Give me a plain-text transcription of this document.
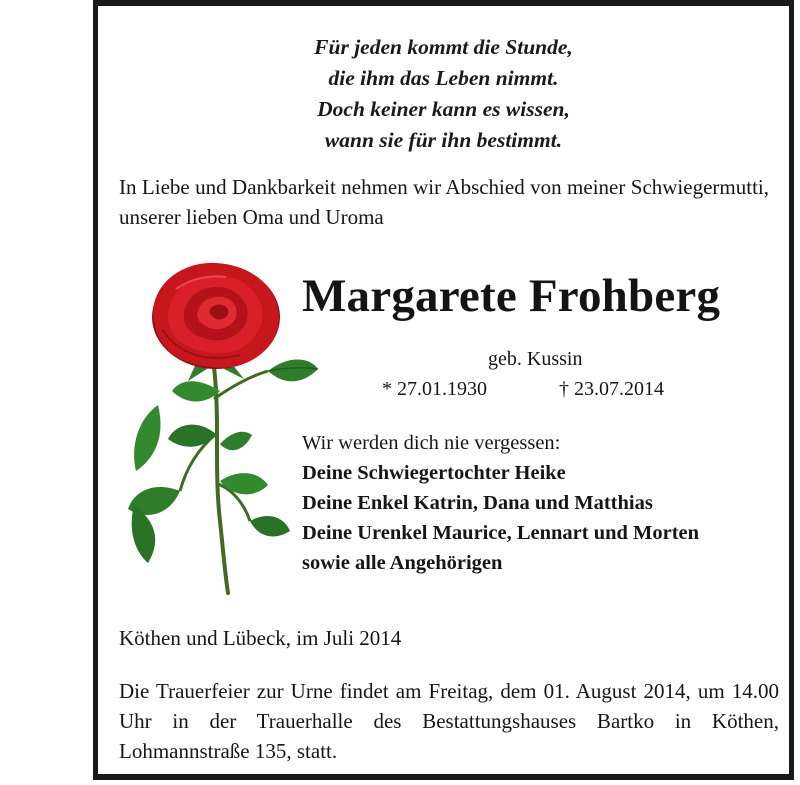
Für jeden kommt die Stunde,
die ihm das Leben nimmt.
Doch keiner kann es wissen,
wann sie für ihn bestimmt.
In Liebe und Dankbarkeit nehmen wir Abschied von meiner Schwiegermutti, unserer lieben Oma und Uroma
Margarete Frohberg
geb. Kussin
* 27.01.1930	† 23.07.2014
Wir werden dich nie vergessen:
Deine Schwiegertochter Heike
Deine Enkel Katrin, Dana und Matthias
Deine Urenkel Maurice, Lennart und Morten
sowie alle Angehörigen
Köthen und Lübeck, im Juli 2014
Die Trauerfeier zur Urne findet am Freitag, dem 01. August 2014, um 14.00 Uhr in der Trauerhalle des Bestattungshauses Bartko in Köthen, Lohmannstraße 135, statt.
